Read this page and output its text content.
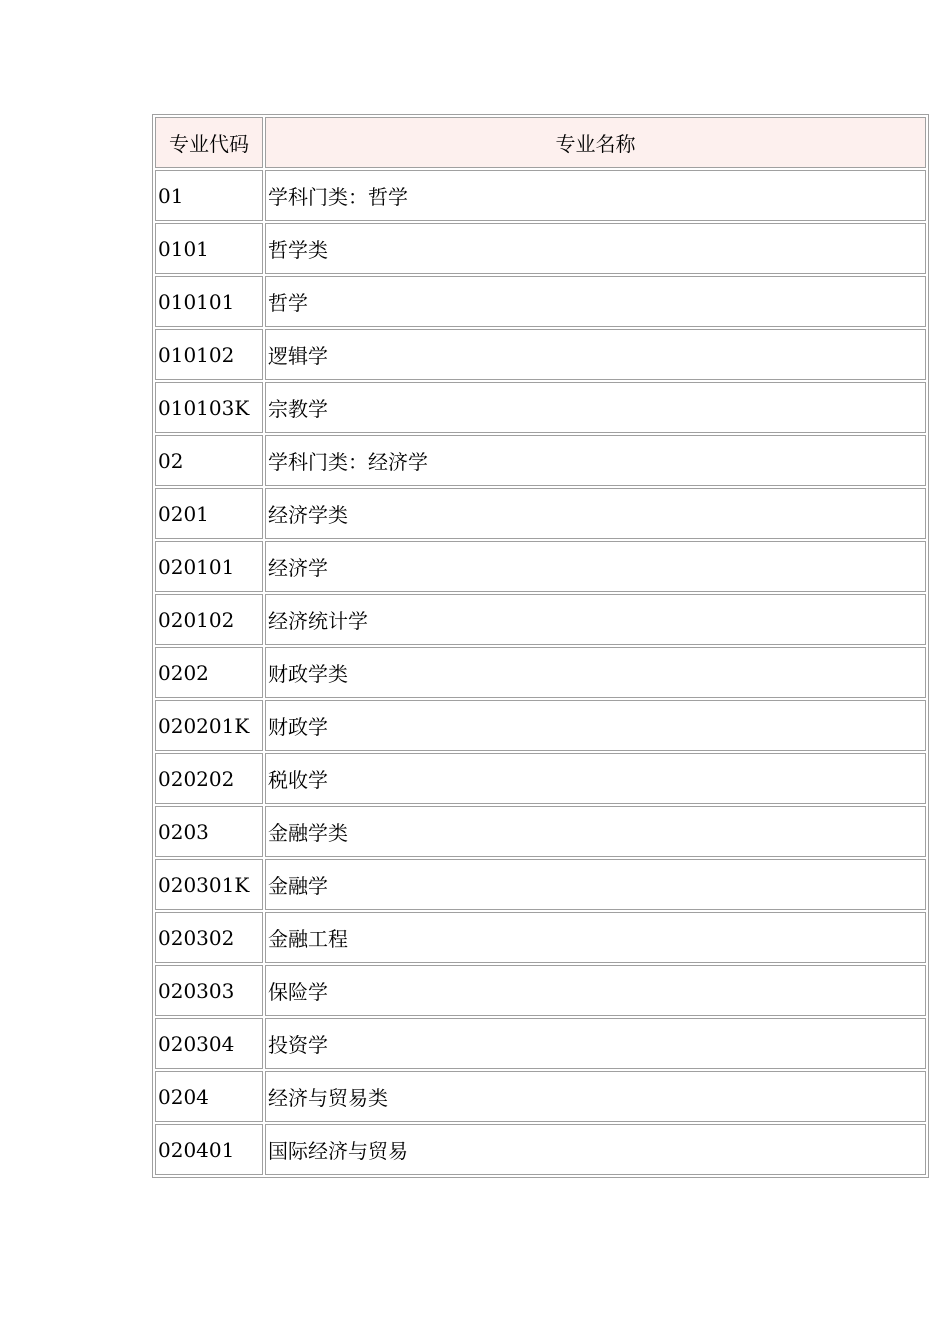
专业代码	专业名称
01	学科门类：哲学
0101	哲学类
010101	哲学
010102	逻辑学
010103K	宗教学
02	学科门类：经济学
0201	经济学类
020101	经济学
020102	经济统计学
0202	财政学类
020201K	财政学
020202	税收学
0203	金融学类
020301K	金融学
020302	金融工程
020303	保险学
020304	投资学
0204	经济与贸易类
020401	国际经济与贸易
